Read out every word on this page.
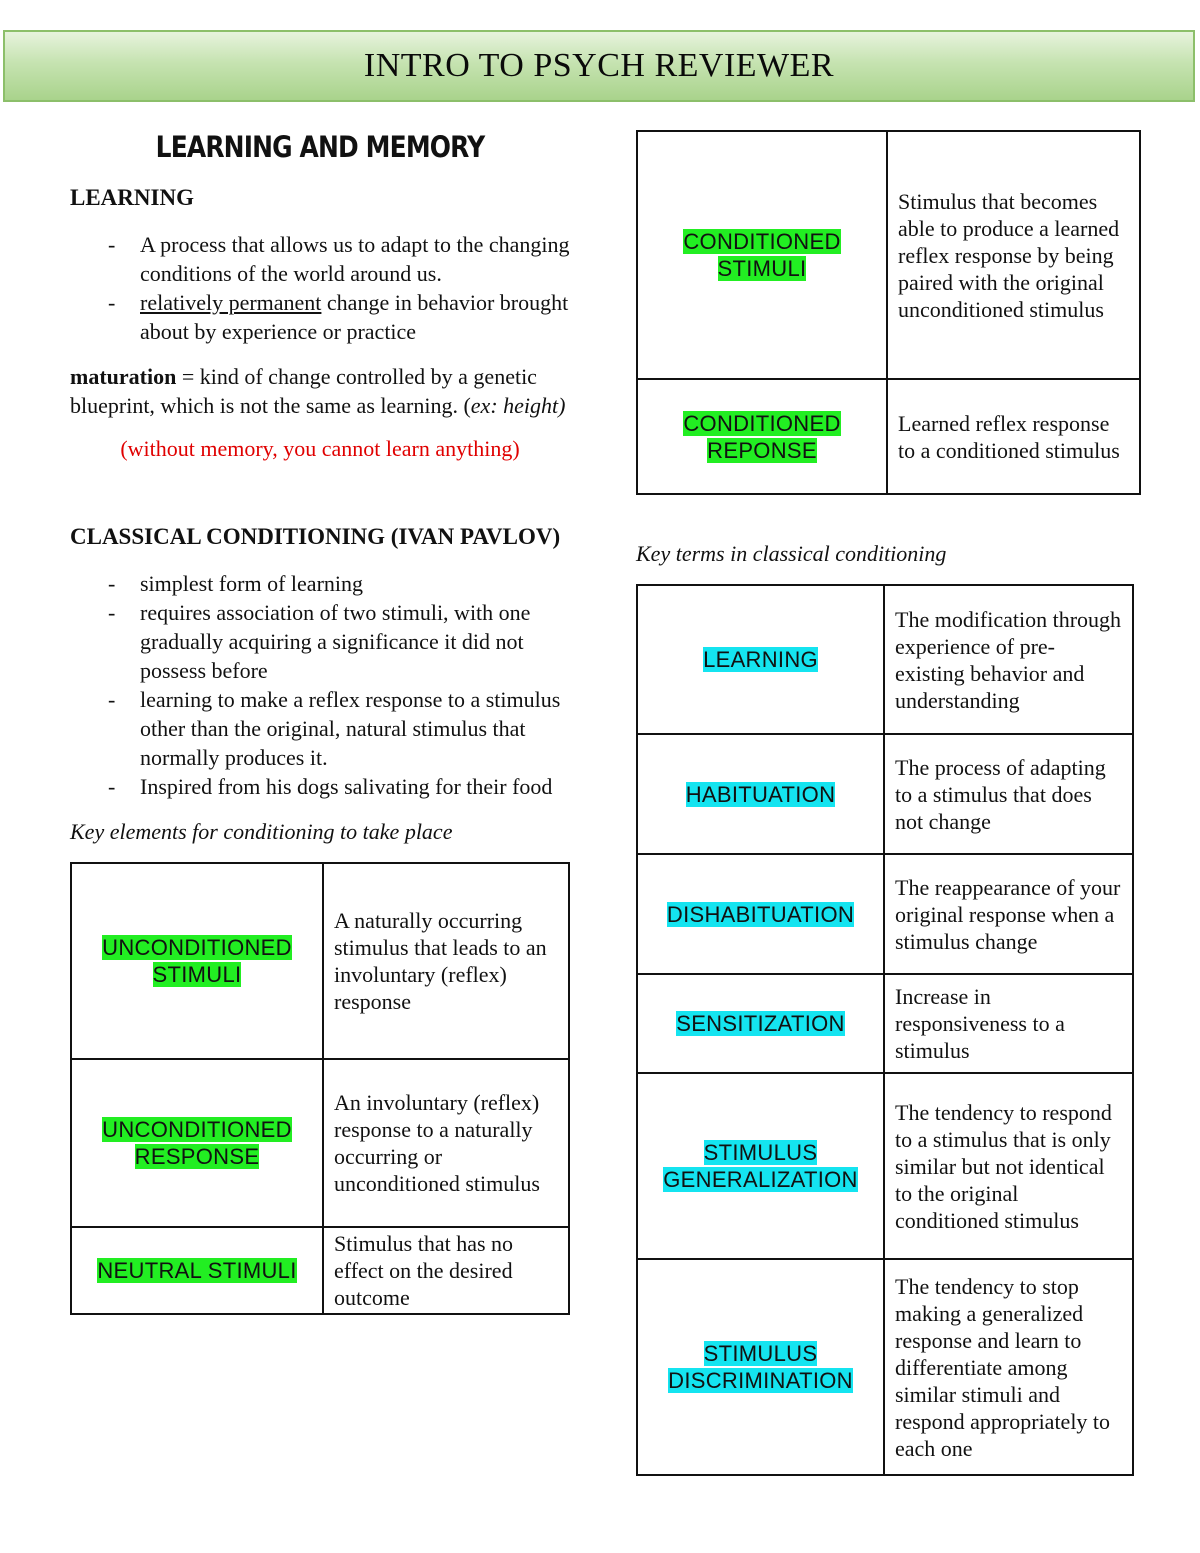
INTRO TO PSYCH REVIEWER
LEARNING AND MEMORY
LEARNING
- A process that allows us to adapt to the changing conditions of the world around us.
- relatively permanent change in behavior brought about by experience or practice

maturation = kind of change controlled by a genetic blueprint, which is not the same as learning. (ex: height)

(without memory, you cannot learn anything)

CLASSICAL CONDITIONING (IVAN PAVLOV)
- simplest form of learning
- requires association of two stimuli, with one gradually acquiring a significance it did not possess before
- learning to make a reflex response to a stimulus other than the original, natural stimulus that normally produces it.
- Inspired from his dogs salivating for their food

Key elements for conditioning to take place

UNCONDITIONED STIMULI	A naturally occurring stimulus that leads to an involuntary (reflex) response
UNCONDITIONED RESPONSE	An involuntary (reflex) response to a naturally occurring or unconditioned stimulus
NEUTRAL STIMULI	Stimulus that has no effect on the desired outcome
CONDITIONED STIMULI	Stimulus that becomes able to produce a learned reflex response by being paired with the original unconditioned stimulus
CONDITIONED REPONSE	Learned reflex response to a conditioned stimulus

Key terms in classical conditioning

LEARNING	The modification through experience of pre-existing behavior and understanding
HABITUATION	The process of adapting to a stimulus that does not change
DISHABITUATION	The reappearance of your original response when a stimulus change
SENSITIZATION	Increase in responsiveness to a stimulus
STIMULUS GENERALIZATION	The tendency to respond to a stimulus that is only similar but not identical to the original conditioned stimulus
STIMULUS DISCRIMINATION	The tendency to stop making a generalized response and learn to differentiate among similar stimuli and respond appropriately to each one
